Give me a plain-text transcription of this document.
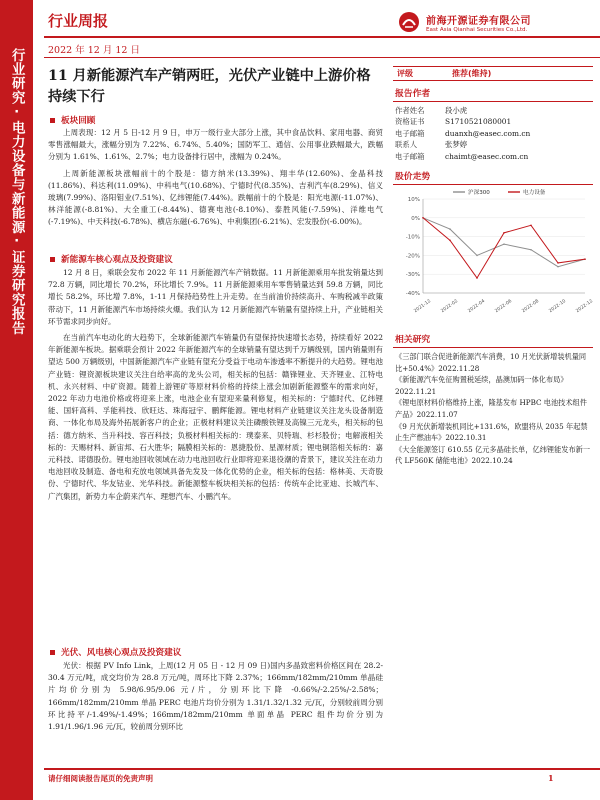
行业研究·电力设备与新能源·证券研究报告
行业周报
2022 年 12 月 12 日
前海开源证券有限公司
East Asia Qianhai Securities Co.,Ltd.
11 月新能源汽车产销两旺，光伏产业链中上游价格持续下行
板块回顾

上周表现：12 月 5 日-12 月 9 日，申万一级行业大部分上涨，其中食品饮料、家用电器、商贸零售涨幅最大，涨幅分别为 7.22%、6.74%、5.40%；国防军工、通信、公用事业跌幅最大，跌幅分别为 1.61%、1.61%、2.7%；电力设备排行居中，涨幅为 0.24%。

上周新能源板块涨幅前十的个股是：德方纳米(13.39%)、翔丰华(12.60%)、金晶科技(11.86%)、科达利(11.09%)、中科电气(10.68%)、宁德时代(8.35%)、吉利汽车(8.29%)、信义玻璃(7.99%)、洛阳钼业(7.51%)、亿纬锂能(7.44%)。跌幅前十的个股是：阳光电源(-11.07%)、林洋能源(-8.81%)、大全重工(-8.44%)、德赛电池(-8.10%)、泰胜风能(-7.59%)、洋维电气(-7.19%)、中天科技(-6.78%)、横店东磁(-6.76%)、中利集团(-6.21%)、宏发股份(-6.00%)。

新能源车核心观点及投资建议

12 月 8 日，乘联会发布 2022 年 11 月新能源汽车产销数据。11 月新能源乘用车批发销量达到 72.8 万辆，同比增长 70.2%，环比增长 7.9%。11 月新能源乘用车零售销量达到 59.8 万辆，同比增长 58.2%，环比增 7.8%，1-11 月保持趋势性上升走势。在当前油价持续高升、车购税减半政策带动下，11 月新能源汽车市场持续火爆。我们认为 12 月新能源汽车销量有望持续上升，产业链相关环节需求同步向好。

在当前汽车电动化的大趋势下，全球新能源汽车销量仍有望保持快速增长态势，持续看好 2022 年新能源车板块。据乘联会预计 2022 年新能源汽车的全球销量有望达到千万辆级别，国内销量则有望达 500 万辆级别，中国新能源汽车产业链有望充分受益于电动车渗透率不断提升的大趋势。锂电池产业链：锂资源板块建议关注自给率高的龙头公司，相关标的包括：赣锋锂业、天齐锂业、江特电机、永兴材料、中矿资源。随着上游锂矿等原材料价格的持续上涨会加剧新能源整车的需求向好，2022 年动力电池价格或将迎来上涨，电池企业有望迎来量利修复，相关标的：宁德时代、亿纬锂能、国轩高科、孚能科技、欣旺达、珠海冠宇、鹏辉能源。锂电材料产业链建议关注龙头设备制造商、一体化布局及海外拓展新客户的企业；正极材料建议关注磷酸铁锂及高镍三元龙头，相关标的包括：德方纳米、当升科技、容百科技；负极材料相关标的：璞泰来、贝特瑞、杉杉股份；电解液相关标的：天赐材料、新宙邦、石大胜华；隔膜相关标的：恩捷股份、星源材质；锂电铜箔相关标的：嘉元科技、诺德股份。锂电池回收领域在动力电池回收行业即将迎来退役潮的背景下，建议关注在动力电池回收及制造、备电和充放电领域具备先发及一体化优势的企业，相关标的包括：格林美、天奇股份、宁德时代、华友钴业、光华科技。新能源整车板块相关标的包括：传统车企比亚迪、长城汽车、广汽集团，新势力车企蔚来汽车、理想汽车、小鹏汽车。

光伏、风电核心观点及投资建议

光伏：根据 PV Info Link，上周(12 月 05 日 - 12 月 09 日)国内多晶致密料价格区间在 28.2-30.4 万元/吨，成交均价为 28.8 万元/吨，周环比下降 2.37%；166mm/182mm/210mm 单晶硅片均价分别为 5.98/6.95/9.06 元/片，分别环比下降 -0.66%/-2.25%/-2.58%；166mm/182mm/210mm 单晶 PERC 电池片均价分别为 1.31/1.32/1.32 元/瓦，分别较前周分别环比持平/-1.49%/-1.49%；166mm/182mm/210mm 单面单晶 PERC 组件均价分别为 1.91/1.96/1.96 元/瓦，较前周分别环比

评级	推荐(维持)
报告作者
作者姓名	段小虎
资格证书	S1710521080001
电子邮箱	duanxh@easec.com.cn
联系人	张梦婷
电子邮箱	chaimt@easec.com.cn
股价走势
10%
0%
-10%
-20%
-30%
-40%
2021-12 2022-02 2022-04 2022-06 2022-08 2022-10 2022-12
沪深300	电力设备
相关研究
《三部门联合促进新能源汽车消费，10 月光伏新增装机量同比+50.4%》2022.11.28
《新能源汽车免征购置税延续，晶澳加码一体化布局》2022.11.21
《锂电原材料价格维持上涨，隆基发布 HPBC 电池技术组件产品》2022.11.07
《9 月光伏新增装机同比+131.6%，欧盟将从 2035 年起禁止生产燃油车》2022.10.31
《大全能源签订 610.55 亿元多晶硅长单，亿纬锂能发布新一代 LF560K 储能电池》2022.10.24
请仔细阅读报告尾页的免责声明	1
